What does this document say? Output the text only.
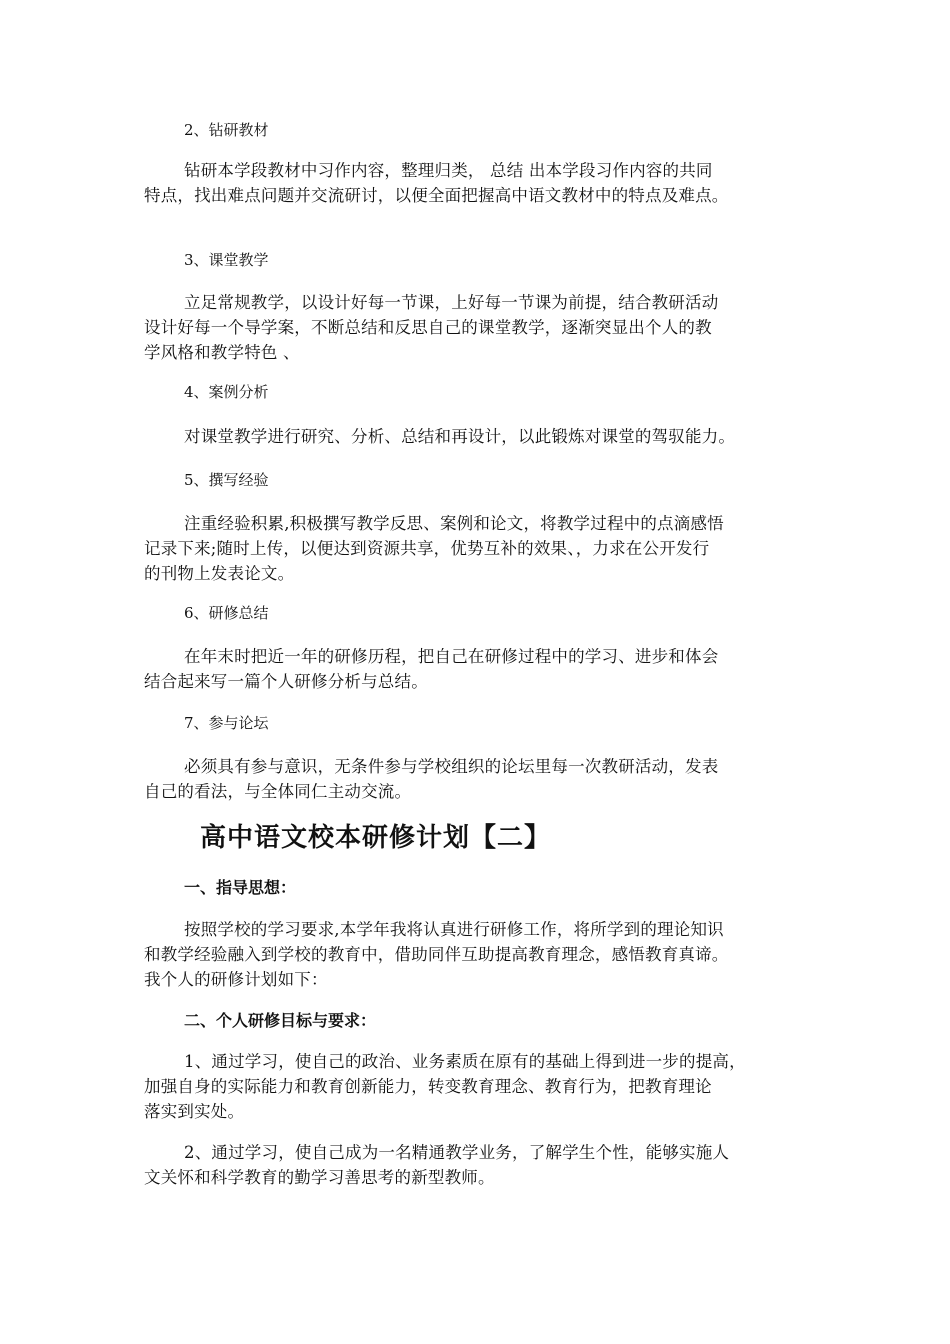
2、钻研教材

钻研本学段教材中习作内容，整理归类， 总结 出本学段习作内容的共同
特点，找出难点问题并交流研讨，以便全面把握高中语文教材中的特点及难点。

3、课堂教学

立足常规教学，以设计好每一节课，上好每一节课为前提，结合教研活动
设计好每一个导学案，不断总结和反思自己的课堂教学，逐渐突显出个人的教
学风格和教学特色 、

4、案例分析

对课堂教学进行研究、分析、总结和再设计，以此锻炼对课堂的驾驭能力。

5、撰写经验

注重经验积累,积极撰写教学反思、案例和论文，将教学过程中的点滴感悟
记录下来;随时上传，以便达到资源共享，优势互补的效果、，力求在公开发行
的刊物上发表论文。

6、研修总结

在年末时把近一年的研修历程，把自己在研修过程中的学习、进步和体会
结合起来写一篇个人研修分析与总结。

7、参与论坛

必须具有参与意识，无条件参与学校组织的论坛里每一次教研活动，发表
自己的看法，与全体同仁主动交流。

高中语文校本研修计划【二】

一、指导思想：

按照学校的学习要求,本学年我将认真进行研修工作，将所学到的理论知识
和教学经验融入到学校的教育中，借助同伴互助提高教育理念，感悟教育真谛。
我个人的研修计划如下：

二、个人研修目标与要求：

1、通过学习，使自己的政治、业务素质在原有的基础上得到进一步的提高，
加强自身的实际能力和教育创新能力，转变教育理念、教育行为，把教育理论
落实到实处。

2、通过学习，使自己成为一名精通教学业务，了解学生个性，能够实施人
文关怀和科学教育的勤学习善思考的新型教师。
